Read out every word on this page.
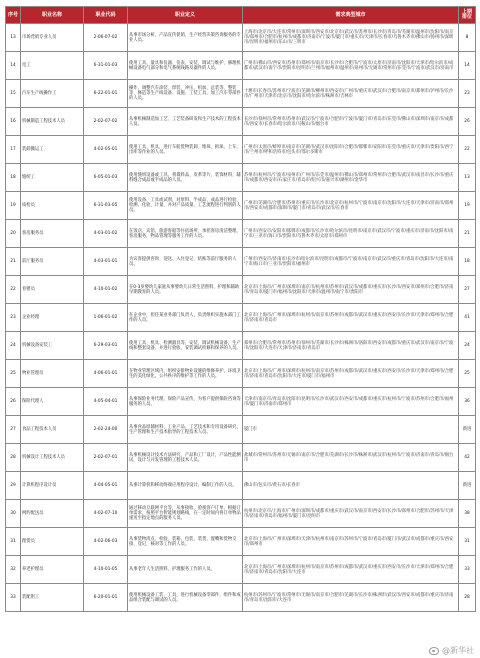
序号	职业名称	职业代码	职业定义	需求典型城市	上期排位
13	市场营销专业人员	2-06-07-02	从事市场分析、产品宣传促销、生产经营决策咨询服务的专业人员。	上海市/北京市/大连市/常州市/深圳市/西安市/北京市/武汉市/苏州市/长沙市/青岛市/芜湖市/温州市/沈阳市/南京市/郑州市/合肥市/杭州市/成都市/济南市/宁波市/厦门市/重庆市/天津市/长春市/乌鲁木齐市/佛山市/扬州市/深圳市/昆明市/福州市/乐山市/三明市	8
14	电工	6-31-01-03	使用工具、量具和仪器、仪表，安装、调试与维护、修理机械设备电气部分和电气系统线路及器件的人员。	广州市/佛山市/西安市/苏州市/郑州市/南京市/长沙市/合肥市/宁波市/太原市/济南市/沈阳市/天津市/哈尔滨市/成都市/武汉市/南宁市/贵阳市/昆明市/兰州市/福州市/温州市/泉州市/无锡市/常州市/东莞市/宁波市/武汉市/济南市	14
15	汽车生产线操作工	6-22-01-01	操作、调整汽车涂装、焊装、冲压、机加、总装等、整装等、修造等生产线设备、设施、工装工具，加工汽车零部件的人员。	十堰市/长春市/苏州市/宁波市/芜湖市/柳州市/西安市/广州市/重庆市/武汉市/合肥市/南京市/郑州市/泸州市/长沙市/广州市/天津市/北京市/沈阳市/哈尔滨市/株洲市/吉林市	23
16	机械制造工程技术人员	2-02-07-02	从事机械制造加工艺、工艺装备研发和生产技术的工程技术人员。	长沙市/徐州市/常州市/苏州市/武汉市/宁波市/合肥市/宁波市/厦门市/青岛市/东莞市/佛山市/深圳市/南京市/成都市/西安市/长春市/哈尔滨市/马鞍山市/烟台市	26
17	装卸搬运工	4-02-05-01	使用工具、机具，进行车船货物装卸、堆垛、拆垛、上车、出库等作业的人员。	广州市/太原市/蚌埠市/南京市/芜湖市/武汉市/沈阳市/合肥市/邯郸市/安阳市/东莞市/重庆市/天津市/贵阳市/西宁市/兰州市/呼和浩特市/包头市/鄂尔多斯市	22
18	缝纫工	6-05-01-03	使用缝纫设备或工具，将裁料品、皮革等片、装饰材料、辅料缝合成品或半成品的人员。	苏州市/杭州市/宁波市/泉州市/广州市/东莞市/温州市/佛山市/郑州市/常州市/合肥市/武汉市/南昌市/长沙市/重庆市/成都市/西安市/石家庄市/青岛市/绍兴市/嘉兴市/湖州市/金华市	13
19	质检员	6-31-03-05	使用设备、工具或试剂，对原料、半成品、成品进行检验、检测、化验、计量，并对产品质量、工艺流程进行判别的人员。	广州市/芜湖市/合肥市/苏州市/重庆市/长沙市/北京市/杭州市/宁波市/南京市/沈阳市/大连市/天津市/济南市/郑州市/西安市/成都市/深圳市/厦门市/青岛市/武汉市/长春市	19
20	客房服务员	4-03-01-02	在饭店、宾馆、旅游客船等住宿场所，承担客房清洁整理、客房服务，物品管理等服务工作的人员。	广州市/西安市/安阳市/邯郸市/成都市/长沙市/哈尔滨市/昆明市/南京市/武汉市/宁波市/重庆市/济南市/沈阳市/南宁市/三亚市/海口市/贵阳市/乌鲁木齐市/太原市/郑州市	21
21	前厅服务员	4-03-01-01	为宾客提供咨询、迎送、入住登记、结账等前厅服务的人员。	广州市/西安市/济南市/长沙市/哈尔滨市/昆明市/成都市/宁波市/南京市/武汉市/重庆市/青岛市/沈阳市/大连市/南宁市/海口市/三亚市/贵阳市/福州市	18
22	育婴员	4-10-01-02	在0-3岁婴幼儿家庭从事婴幼儿日常生活照料、护理和辅助早期教育的人员。	北京市/上海市/广州市/深圳市/南京市/杭州市/苏州市/武汉市/成都市/重庆市/长沙市/西安市/郑州市/合肥市/济南市/青岛市/厦门市/福州市/沈阳市/天津市/温州市/南宁市/贵阳市	27
23	企业经理	1-06-01-02	在企业中，担任某业务部门负责人，负责组织实施本部门工作的人员。	北京市/上海市/广州市/深圳市/杭州市/南京市/苏州市/成都市/武汉市/重庆市/西安市/长沙市/天津市/郑州市/合肥市/济南市/青岛市	41
24	机械设备安装工	6-29-03-01	使用工具、机具、检测器具等，安装、调试机械设备，生产线和整套设备，并进行验收、安装调试检修和保养的人员。	郑州市/合肥市/常州市/苏州市/徐州市/芜湖市/长沙市/株洲市/洛阳市/西安市/成都市/重庆市/武汉市/南京市/宁波市/沈阳市/大连市/天津市/济南市/青岛市	24
25	物业管理员	4-06-01-01	在物业管理区域内，组织安排物业设施的维修养护，环境卫生的美化绿化，公共秩序的维护等工作的人员。	北京市/上海市/广州市/深圳市/杭州市/南京市/苏州市/成都市/武汉市/重庆市/西安市/长沙市/天津市/郑州市/合肥市/济南市/青岛市/沈阳市/大连市/厦门市/福州市	25
26	保险代理人	4-05-04-01	从事保险业务代理，保险产品宣传，为客户提供保险咨询等服务的人员。	天津市/南京市/青岛市/沈阳市/昆明市/长沙市/武汉市/西安市/成都市/重庆市/杭州市/宁波市/苏州市/合肥市/福州市/厦门市/济南市/郑州市	36
27	食品工程技术人员	2-02-24-00	从事食品原辅材料、工业产品、工艺技术和专用设备研究、生产管理和生产技术指导的工程技术人员。	厦门市	新进
28	机械设计工程技术人员	2-02-07-01	从事机械设计技术方法研究，产品和工厂设计，产品性能测试、设计与开发管理的工程技术人员。	盐城市/常州市/苏州市/无锡市/南京市/合肥市/芜湖市/长沙市/株洲市/武汉市/杭州市/宁波市/济南市/青岛市/烟台市	42
29	计算机程序设计员	4-04-05-01	从事计算机和移动终端应用程序设计、编制工作的人员。	佛山市/包头市/黄石市/长春市	新进
30	网约配送员	4-02-07-10	通过移动互联网平台等，从事接收、验视客户订单，根据订单需求，按照平台智能规划路线，在一定时间内将订单物品递送至指定地点的服务人员。	杭州市/北京市/上海市/广州市/深圳市/成都市/重庆市/武汉市/南京市/西安市/长沙市/郑州市/合肥市/苏州市/天津市/济南市/青岛市/福州市/厦门市/昆明市	38
31	理货员	4-02-06-03	从事货物清点、检验、装箱、包装、装货、置嘴和货物交接、登记、核对等工作的人员。	北京市/上海市/广州市/深圳市/天津市/杭州市/南京市/苏州市/宁波市/青岛市/厦门市/武汉市/成都市/重庆市/西安市/郑州市	31
32	养老护理员	4-10-01-05	从事老年人生活照料、护理服务工作的人员。	北京市/上海市/广州市/深圳市/杭州市/南京市/苏州市/成都市/武汉市/重庆市/西安市/长沙市/天津市/郑州市/合肥市/济南市/青岛市/沈阳市/大连市	33
33	装配钳工	6-20-01-01	使用机械设备工装、工具，进行机械设备零部件、组件和成品组合装配与调试的人员。	杭州市/苏州市/宁波市/常州市/无锡市/南京市/合肥市/芜湖市/长沙市/株洲市/武汉市/西安市/成都市/重庆市/济南市/青岛市/沈阳市/大连市	28
@新华社
